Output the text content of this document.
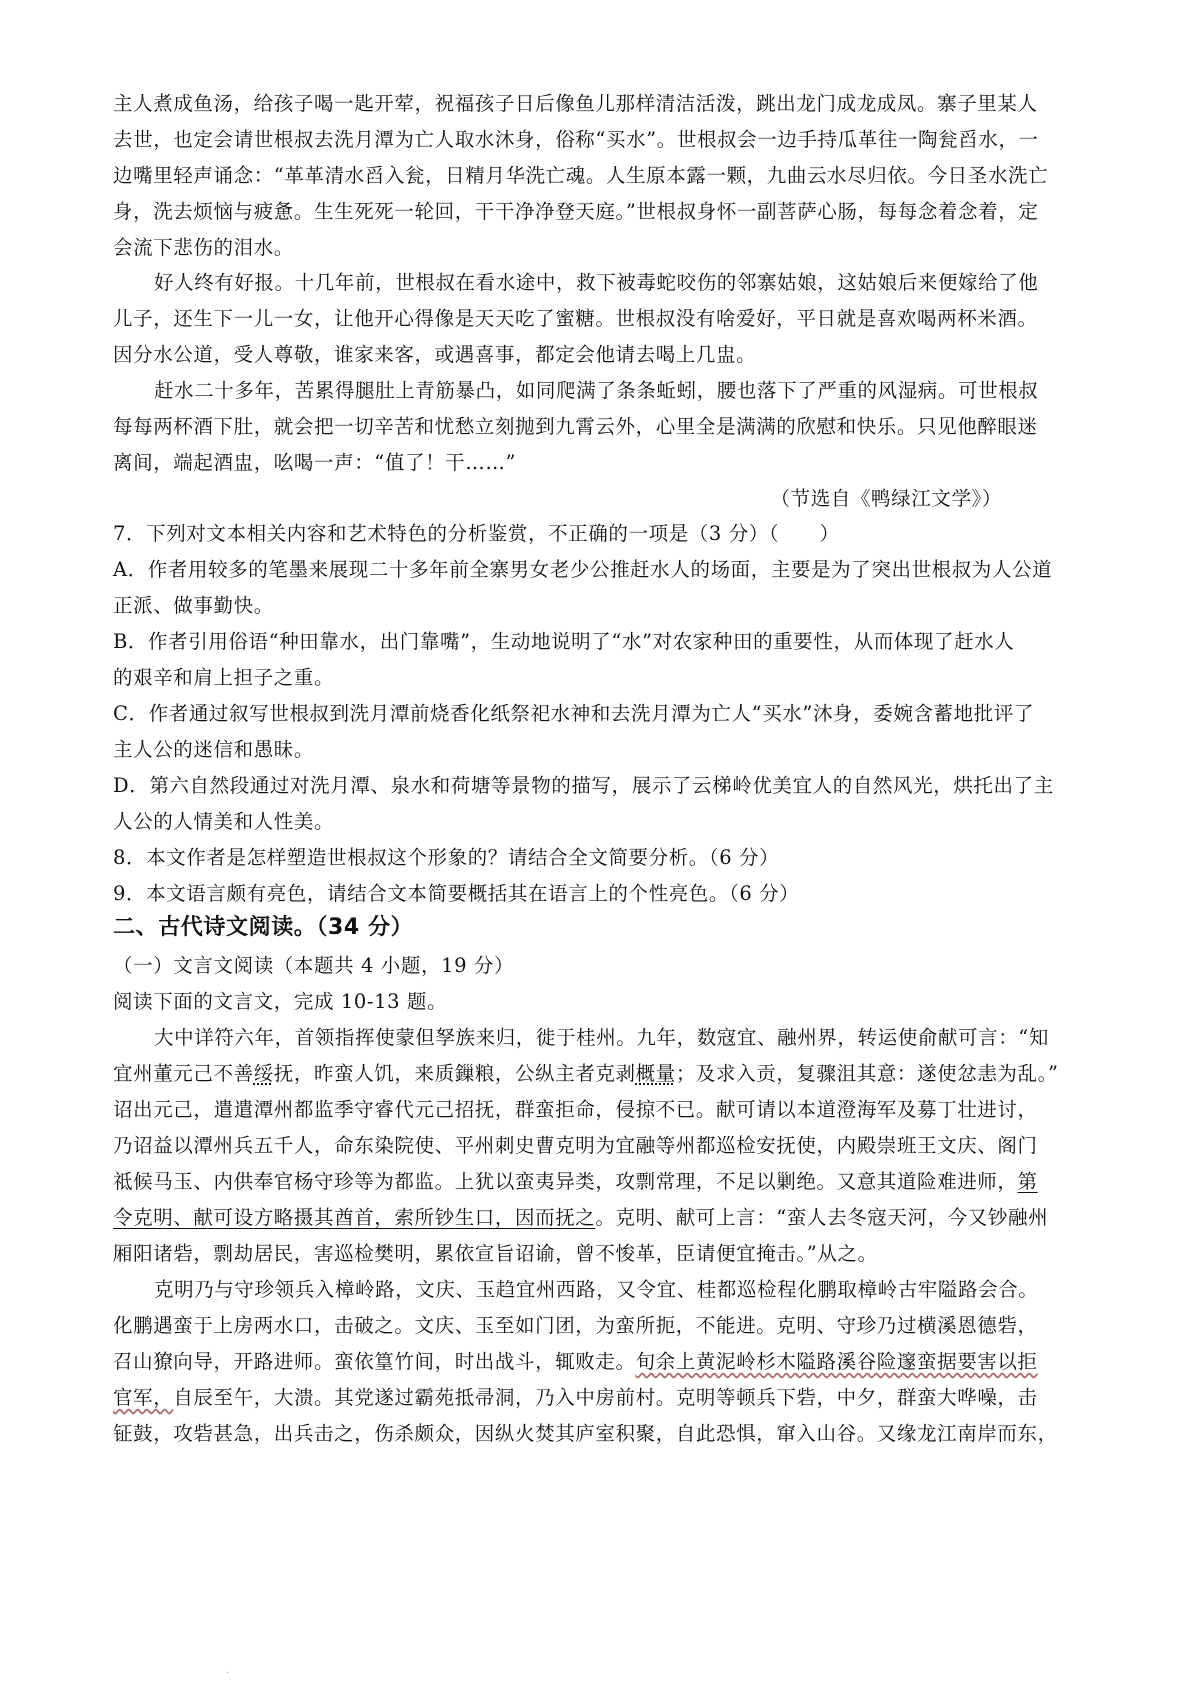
主人煮成鱼汤，给孩子喝一匙开荤，祝福孩子日后像鱼儿那样清洁活泼，跳出龙门成龙成凤。寨子里某人
去世，也定会请世根叔去洗月潭为亡人取水沐身，俗称“买水”。世根叔会一边手持瓜革往一陶瓮舀水，一
边嘴里轻声诵念：“革革清水舀入瓮，日精月华洗亡魂。人生原本露一颗，九曲云水尽归依。今日圣水洗亡
身，洗去烦恼与疲惫。生生死死一轮回，干干净净登天庭。”世根叔身怀一副菩萨心肠，每每念着念着，定
会流下悲伤的泪水。
好人终有好报。十几年前，世根叔在看水途中，救下被毒蛇咬伤的邻寨姑娘，这姑娘后来便嫁给了他
儿子，还生下一儿一女，让他开心得像是天天吃了蜜糖。世根叔没有啥爱好，平日就是喜欢喝两杯米酒。
因分水公道，受人尊敬，谁家来客，或遇喜事，都定会他请去喝上几盅。
赶水二十多年，苦累得腿肚上青筋暴凸，如同爬满了条条蚯蚓，腰也落下了严重的风湿病。可世根叔
每每两杯酒下肚，就会把一切辛苦和忧愁立刻抛到九霄云外，心里全是满满的欣慰和快乐。只见他醉眼迷
离间，端起酒盅，吆喝一声：“值了！干……”
（节选自《鸭绿江文学》）
7．下列对文本相关内容和艺术特色的分析鉴赏，不正确的一项是（3 分）（　　）
A．作者用较多的笔墨来展现二十多年前全寨男女老少公推赶水人的场面，主要是为了突出世根叔为人公道
正派、做事勤快。
B．作者引用俗语“种田靠水，出门靠嘴”，生动地说明了“水”对农家种田的重要性，从而体现了赶水人
的艰辛和肩上担子之重。
C．作者通过叙写世根叔到洗月潭前烧香化纸祭祀水神和去洗月潭为亡人“买水”沐身，委婉含蓄地批评了
主人公的迷信和愚昧。
D．第六自然段通过对洗月潭、泉水和荷塘等景物的描写，展示了云梯岭优美宜人的自然风光，烘托出了主
人公的人情美和人性美。
8．本文作者是怎样塑造世根叔这个形象的？请结合全文简要分析。（6 分）
9．本文语言颇有亮色，请结合文本简要概括其在语言上的个性亮色。（6 分）
二、古代诗文阅读。（34 分）
（一）文言文阅读（本题共 4 小题，19 分）
阅读下面的文言文，完成 10-13 题。
大中详符六年，首领指挥使蒙但孥族来归，徙于桂州。九年，数寇宜、融州界，转运使俞献可言：“知
宜州董元己不善绥抚，昨蛮人饥，来质鏁粮，公纵主者克剥概量；及求入贡，复骤沮其意：遂使忿恚为乱。”
诏出元己，遣遣潭州都监季守睿代元己招抚，群蛮拒命，侵掠不已。献可请以本道澄海军及募丁壮进讨，
乃诏益以潭州兵五千人，命东染院使、平州刺史曹克明为宜融等州都巡检安抚使，内殿崇班王文庆、阁门
祗候马玉、内供奉官杨守珍等为都监。上犹以蛮夷异类，攻剽常理，不足以剿绝。又意其道险难进师，第
令克明、献可设方略摄其酋首，索所钞生口，因而抚之。克明、献可上言：“蛮人去冬寇天河，今又钞融州
厢阳诸砦，剽劫居民，害巡检樊明，累依宣旨诏谕，曾不悛革，臣请便宜掩击。”从之。
克明乃与守珍领兵入樟岭路，文庆、玉趋宜州西路，又令宜、桂都巡检程化鹏取樟岭古牢隘路会合。
化鹏遇蛮于上房两水口，击破之。文庆、玉至如门团，为蛮所扼，不能进。克明、守珍乃过横溪恩德砦，
召山獠向导，开路进师。蛮依篁竹间，时出战斗，辄败走。旬余上黄泥岭杉木隘路溪谷险邃蛮据要害以拒
官军，自辰至午，大溃。其党遂过霸苑抵帚洞，乃入中房前村。克明等顿兵下砦，中夕，群蛮大哗噪，击
钲鼓，攻砦甚急，出兵击之，伤杀颇众，因纵火焚其庐室积聚，自此恐惧，窜入山谷。又缘龙江南岸而东，
·
